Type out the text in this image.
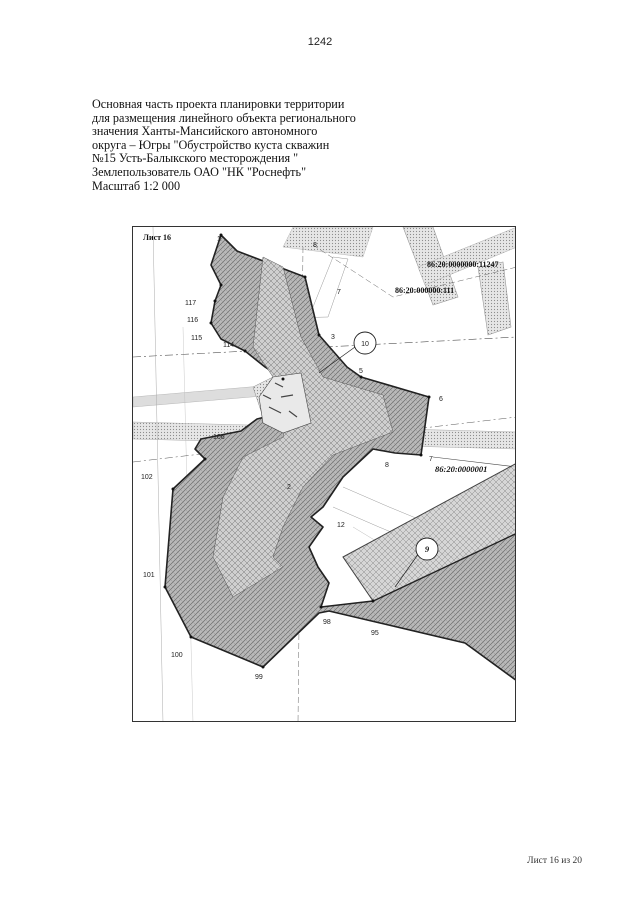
1242
Основная часть проекта планировки территории
для размещения линейного объекта регионального
значения Ханты-Мансийского автономного
округа – Югры "Обустройство куста скважин
№15 Усть-Балыкского месторождения "
Землепользователь ОАО "НК "Роснефть"
Масштаб 1:2 000
10
9
Лист 16
86:20:0000000:11247
86:20:000000:111
86:20:0000001
1
8
7
3
5
6
7
8
117
116
115
114
106
102
101
100
99
98
95
12
2
Лист 16 из 20
